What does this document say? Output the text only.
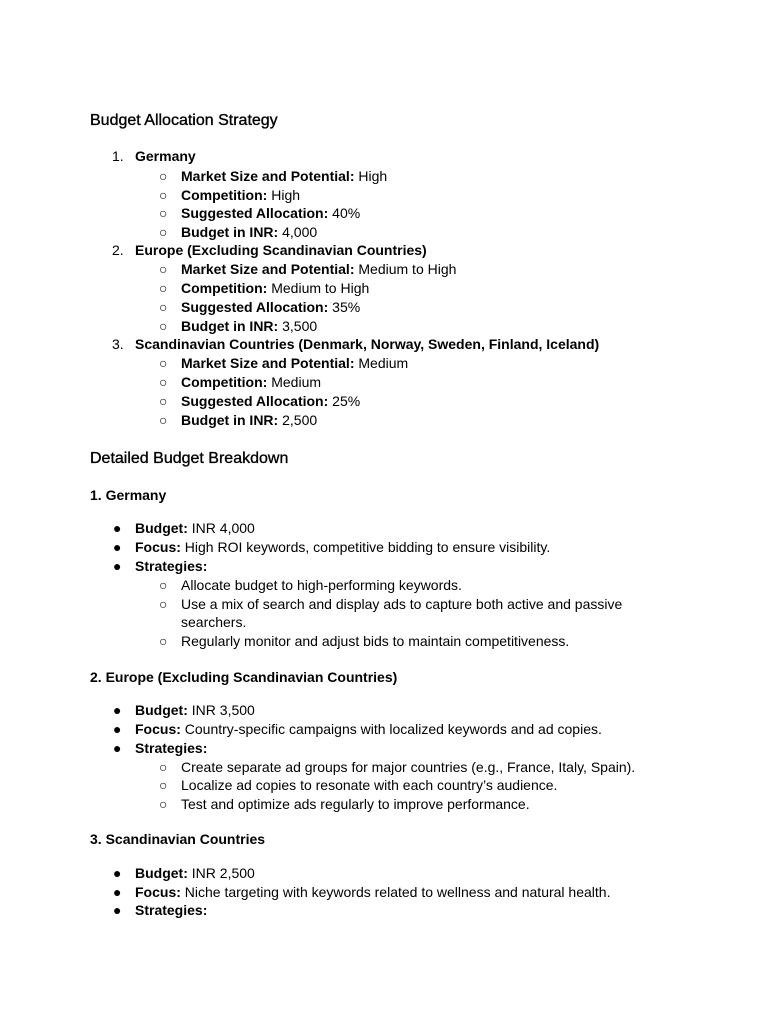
Budget Allocation Strategy
1. Germany
○ Market Size and Potential: High
○ Competition: High
○ Suggested Allocation: 40%
○ Budget in INR: 4,000
2. Europe (Excluding Scandinavian Countries)
○ Market Size and Potential: Medium to High
○ Competition: Medium to High
○ Suggested Allocation: 35%
○ Budget in INR: 3,500
3. Scandinavian Countries (Denmark, Norway, Sweden, Finland, Iceland)
○ Market Size and Potential: Medium
○ Competition: Medium
○ Suggested Allocation: 25%
○ Budget in INR: 2,500
Detailed Budget Breakdown
1. Germany
● Budget: INR 4,000
● Focus: High ROI keywords, competitive bidding to ensure visibility.
● Strategies:
○ Allocate budget to high-performing keywords.
○ Use a mix of search and display ads to capture both active and passive
searchers.
○ Regularly monitor and adjust bids to maintain competitiveness.
2. Europe (Excluding Scandinavian Countries)
● Budget: INR 3,500
● Focus: Country-specific campaigns with localized keywords and ad copies.
● Strategies:
○ Create separate ad groups for major countries (e.g., France, Italy, Spain).
○ Localize ad copies to resonate with each country’s audience.
○ Test and optimize ads regularly to improve performance.
3. Scandinavian Countries
● Budget: INR 2,500
● Focus: Niche targeting with keywords related to wellness and natural health.
● Strategies:
